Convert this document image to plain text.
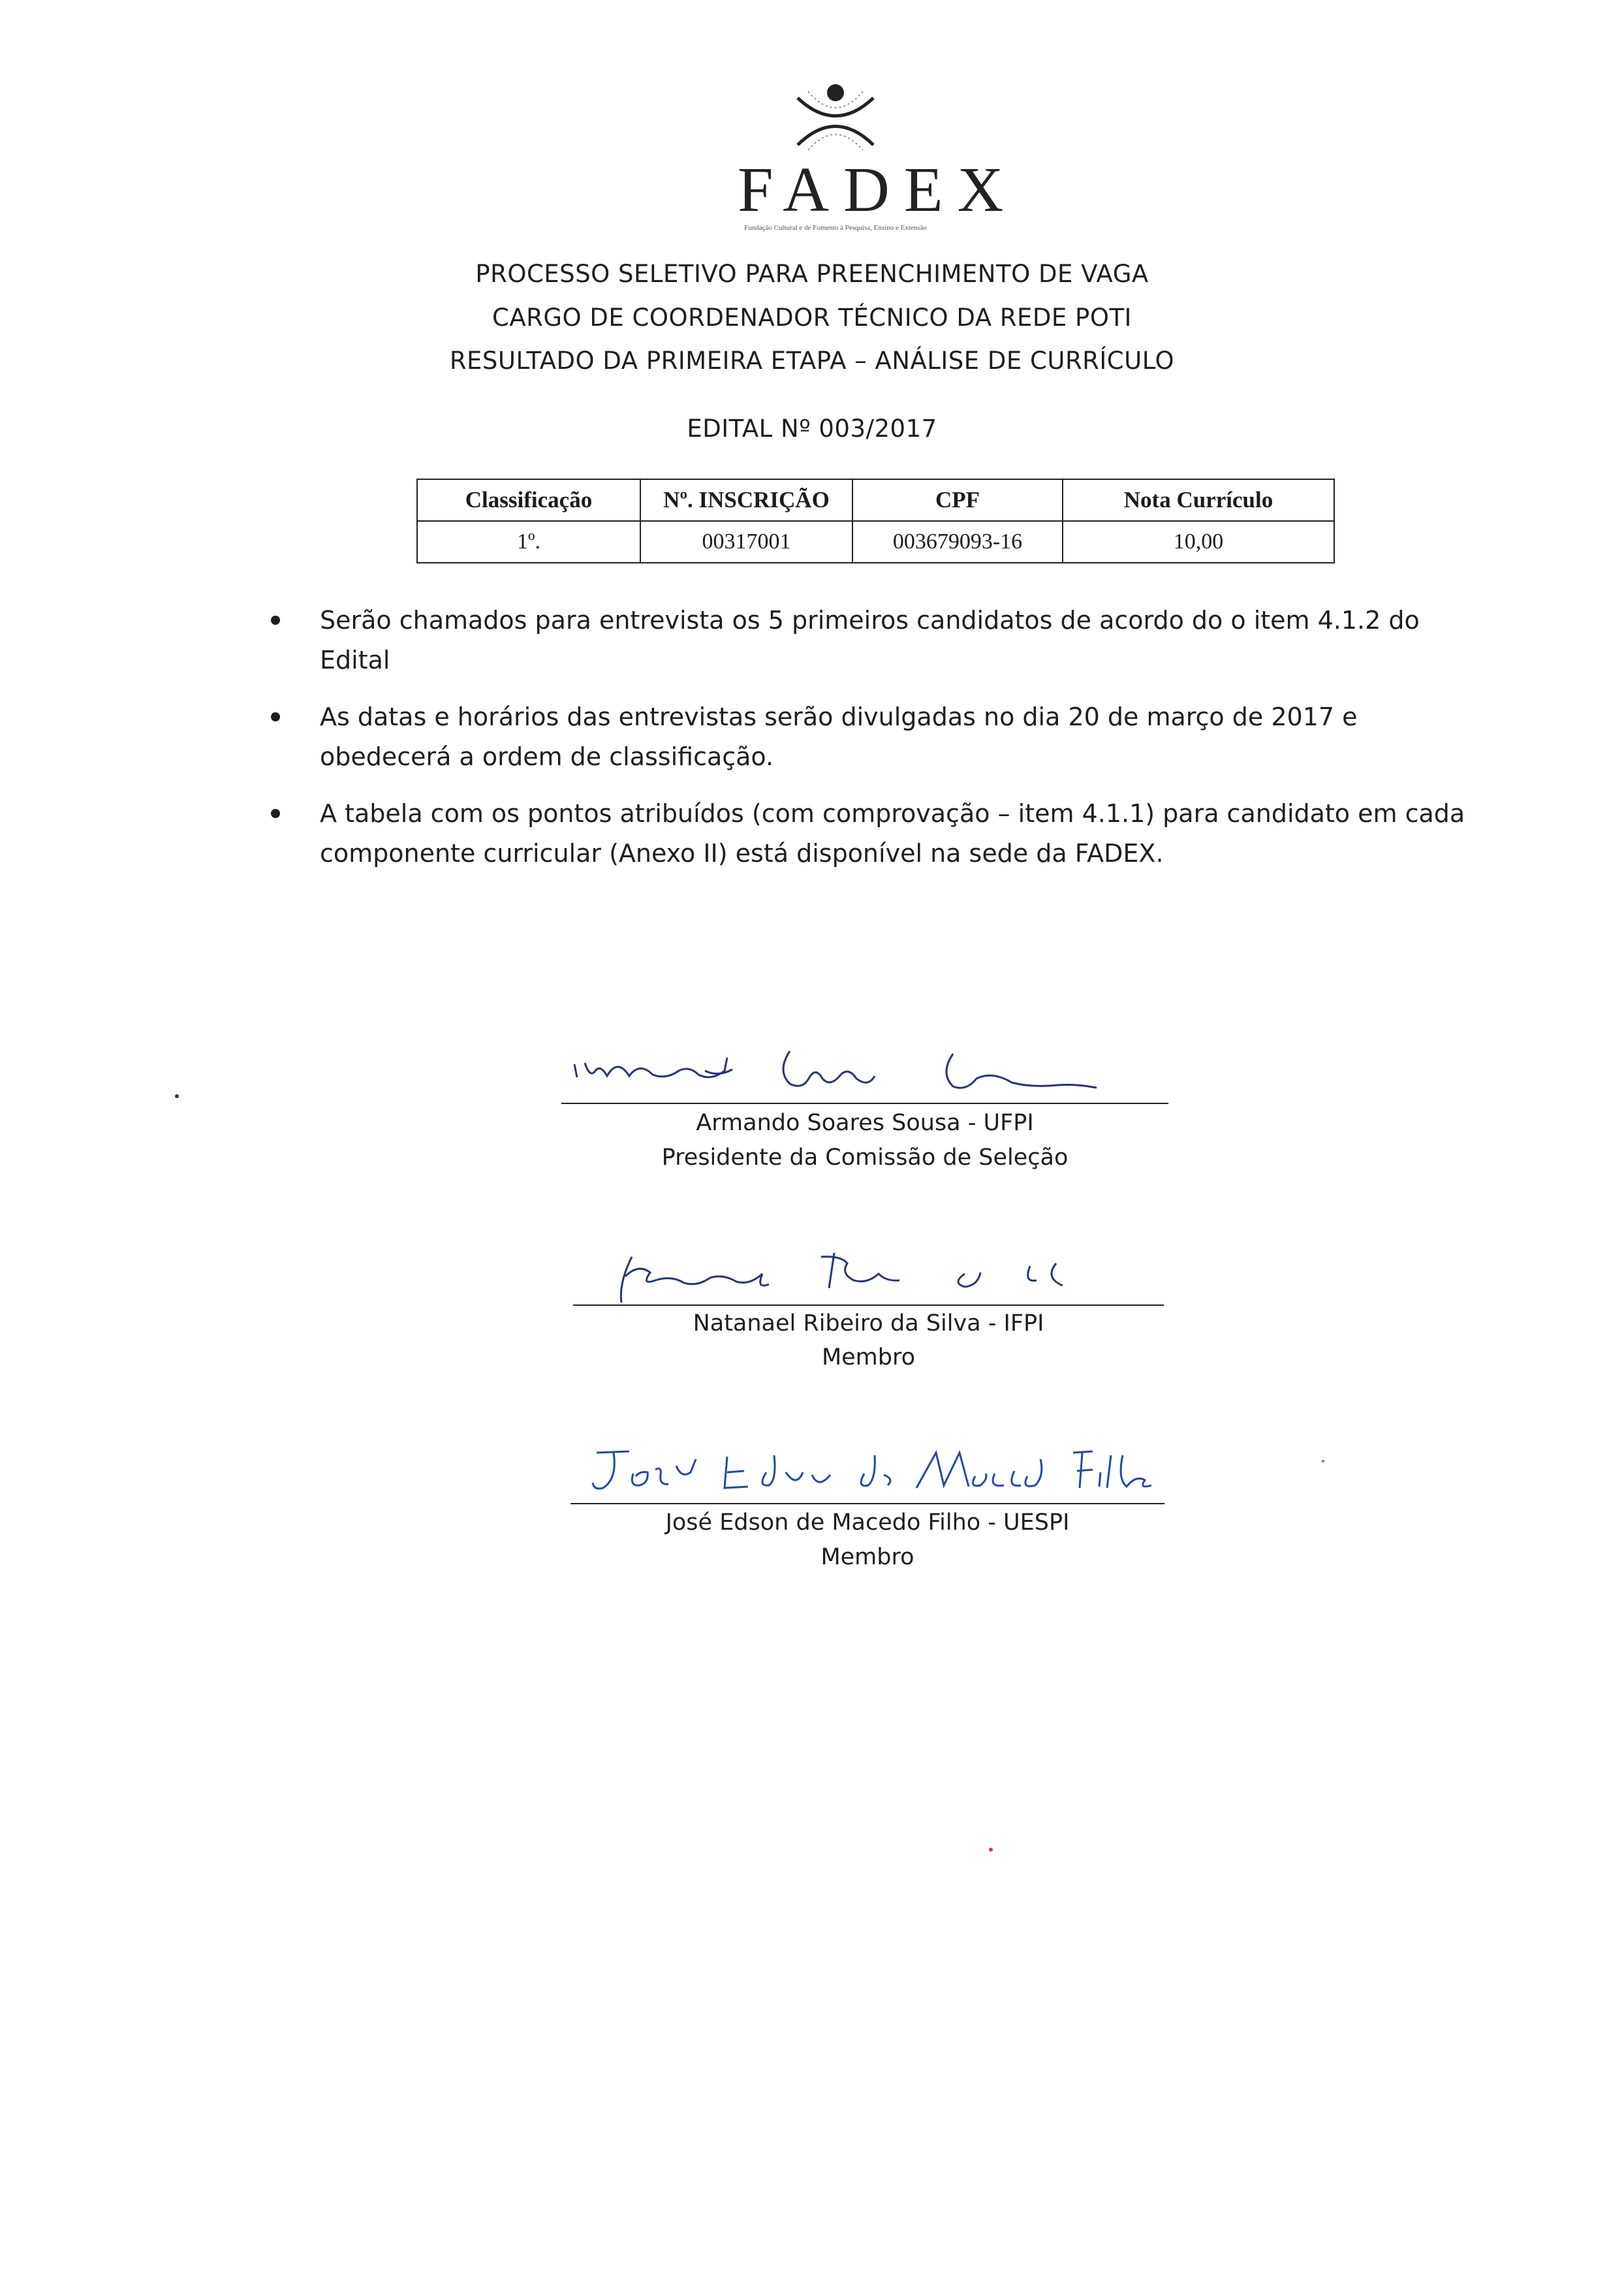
FADEX
Fundação Cultural e de Fomento à Pesquisa, Ensino e Extensão
PROCESSO SELETIVO PARA PREENCHIMENTO DE VAGA
CARGO DE COORDENADOR TÉCNICO DA REDE POTI
RESULTADO DA PRIMEIRA ETAPA – ANÁLISE DE CURRÍCULO
EDITAL Nº 003/2017
Classificação	Nº. INSCRIÇÃO	CPF	Nota Currículo
1º.	00317001	003679093-16	10,00
Serão chamados para entrevista os 5 primeiros candidatos de acordo do o item 4.1.2 do Edital
As datas e horários das entrevistas serão divulgadas no dia 20 de março de 2017 e obedecerá a ordem de classificação.
A tabela com os pontos atribuídos (com comprovação – item 4.1.1) para candidato em cada componente curricular (Anexo II) está disponível na sede da FADEX.
Armando Soares Sousa - UFPI
Presidente da Comissão de Seleção
Natanael Ribeiro da Silva - IFPI
Membro
José Edson de Macedo Filho - UESPI
Membro
